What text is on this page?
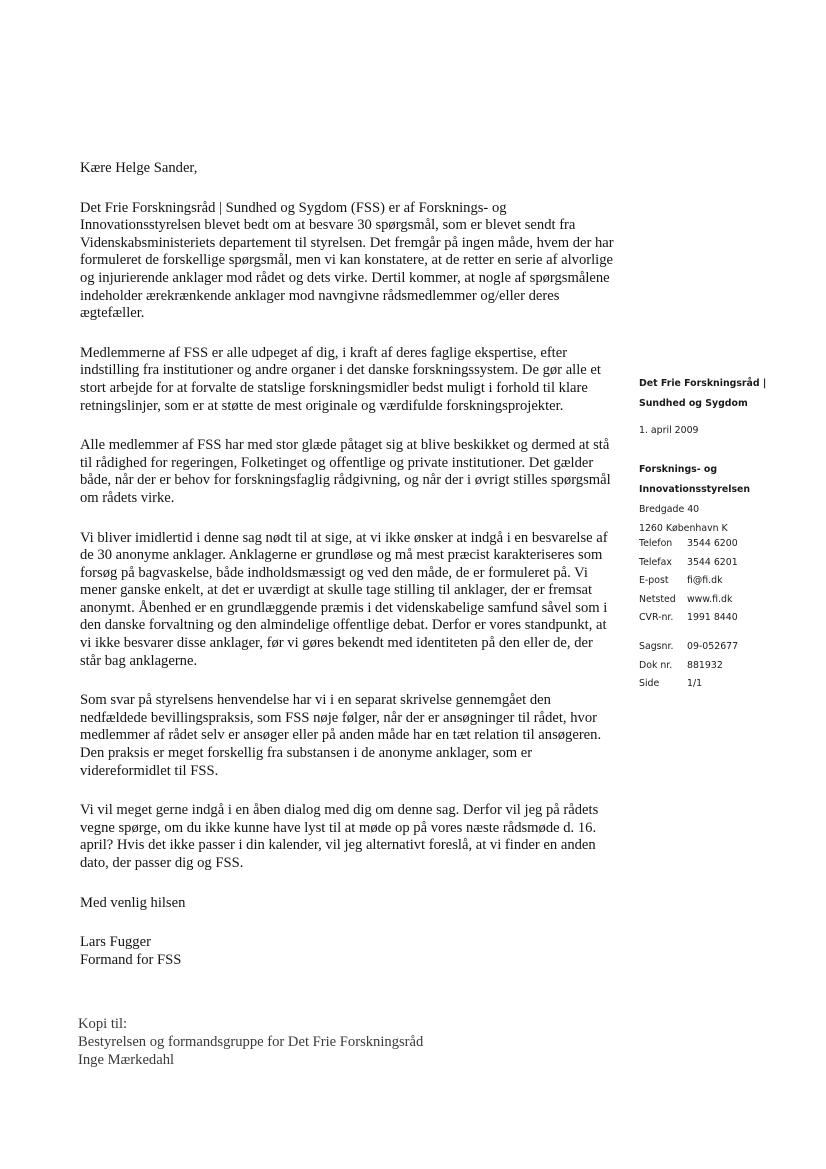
Kære Helge Sander,

Det Frie Forskningsråd | Sundhed og Sygdom (FSS) er af Forsknings- og Innovationsstyrelsen blevet bedt om at besvare 30 spørgsmål, som er blevet sendt fra Videnskabsministeriets departement til styrelsen. Det fremgår på ingen måde, hvem der har formuleret de forskellige spørgsmål, men vi kan konstatere, at de retter en serie af alvorlige og injurierende anklager mod rådet og dets virke. Dertil kommer, at nogle af spørgsmålene indeholder ærekrænkende anklager mod navngivne rådsmedlemmer og/eller deres ægtefæller.

Medlemmerne af FSS er alle udpeget af dig, i kraft af deres faglige ekspertise, efter indstilling fra institutioner og andre organer i det danske forskningssystem. De gør alle et stort arbejde for at forvalte de statslige forskningsmidler bedst muligt i forhold til klare retningslinjer, som er at støtte de mest originale og værdifulde forskningsprojekter.

Alle medlemmer af FSS har med stor glæde påtaget sig at blive beskikket og dermed at stå til rådighed for regeringen, Folketinget og offentlige og private institutioner. Det gælder både, når der er behov for forskningsfaglig rådgivning, og når der i øvrigt stilles spørgsmål om rådets virke.

Vi bliver imidlertid i denne sag nødt til at sige, at vi ikke ønsker at indgå i en besvarelse af de 30 anonyme anklager. Anklagerne er grundløse og må mest præcist karakteriseres som forsøg på bagvaskelse, både indholdsmæssigt og ved den måde, de er formuleret på. Vi mener ganske enkelt, at det er uværdigt at skulle tage stilling til anklager, der er fremsat anonymt. Åbenhed er en grundlæggende præmis i det videnskabelige samfund såvel som i den danske forvaltning og den almindelige offentlige debat. Derfor er vores standpunkt, at vi ikke besvarer disse anklager, før vi gøres bekendt med identiteten på den eller de, der står bag anklagerne.

Som svar på styrelsens henvendelse har vi i en separat skrivelse gennemgået den nedfældede bevillingspraksis, som FSS nøje følger, når der er ansøgninger til rådet, hvor medlemmer af rådet selv er ansøger eller på anden måde har en tæt relation til ansøgeren. Den praksis er meget forskellig fra substansen i de anonyme anklager, som er videreformidlet til FSS.

Vi vil meget gerne indgå i en åben dialog med dig om denne sag. Derfor vil jeg på rådets vegne spørge, om du ikke kunne have lyst til at møde op på vores næste rådsmøde d. 16. april? Hvis det ikke passer i din kalender, vil jeg alternativt foreslå, at vi finder en anden dato, der passer dig og FSS.

Med venlig hilsen

Lars Fugger

Formand for FSS

Kopi til:
Bestyrelsen og formandsgruppe for Det Frie Forskningsråd
Inge Mærkedahl
Det Frie Forskningsråd |
Sundhed og Sygdom
1. april 2009
Forsknings- og
Innovationsstyrelsen
Bredgade 40
1260 København K
Telefon	3544 6200
Telefax	3544 6201
E-post	fi@fi.dk
Netsted	www.fi.dk
CVR-nr.	1991 8440

Sagsnr.	09-052677
Dok nr.	881932
Side	1/1
